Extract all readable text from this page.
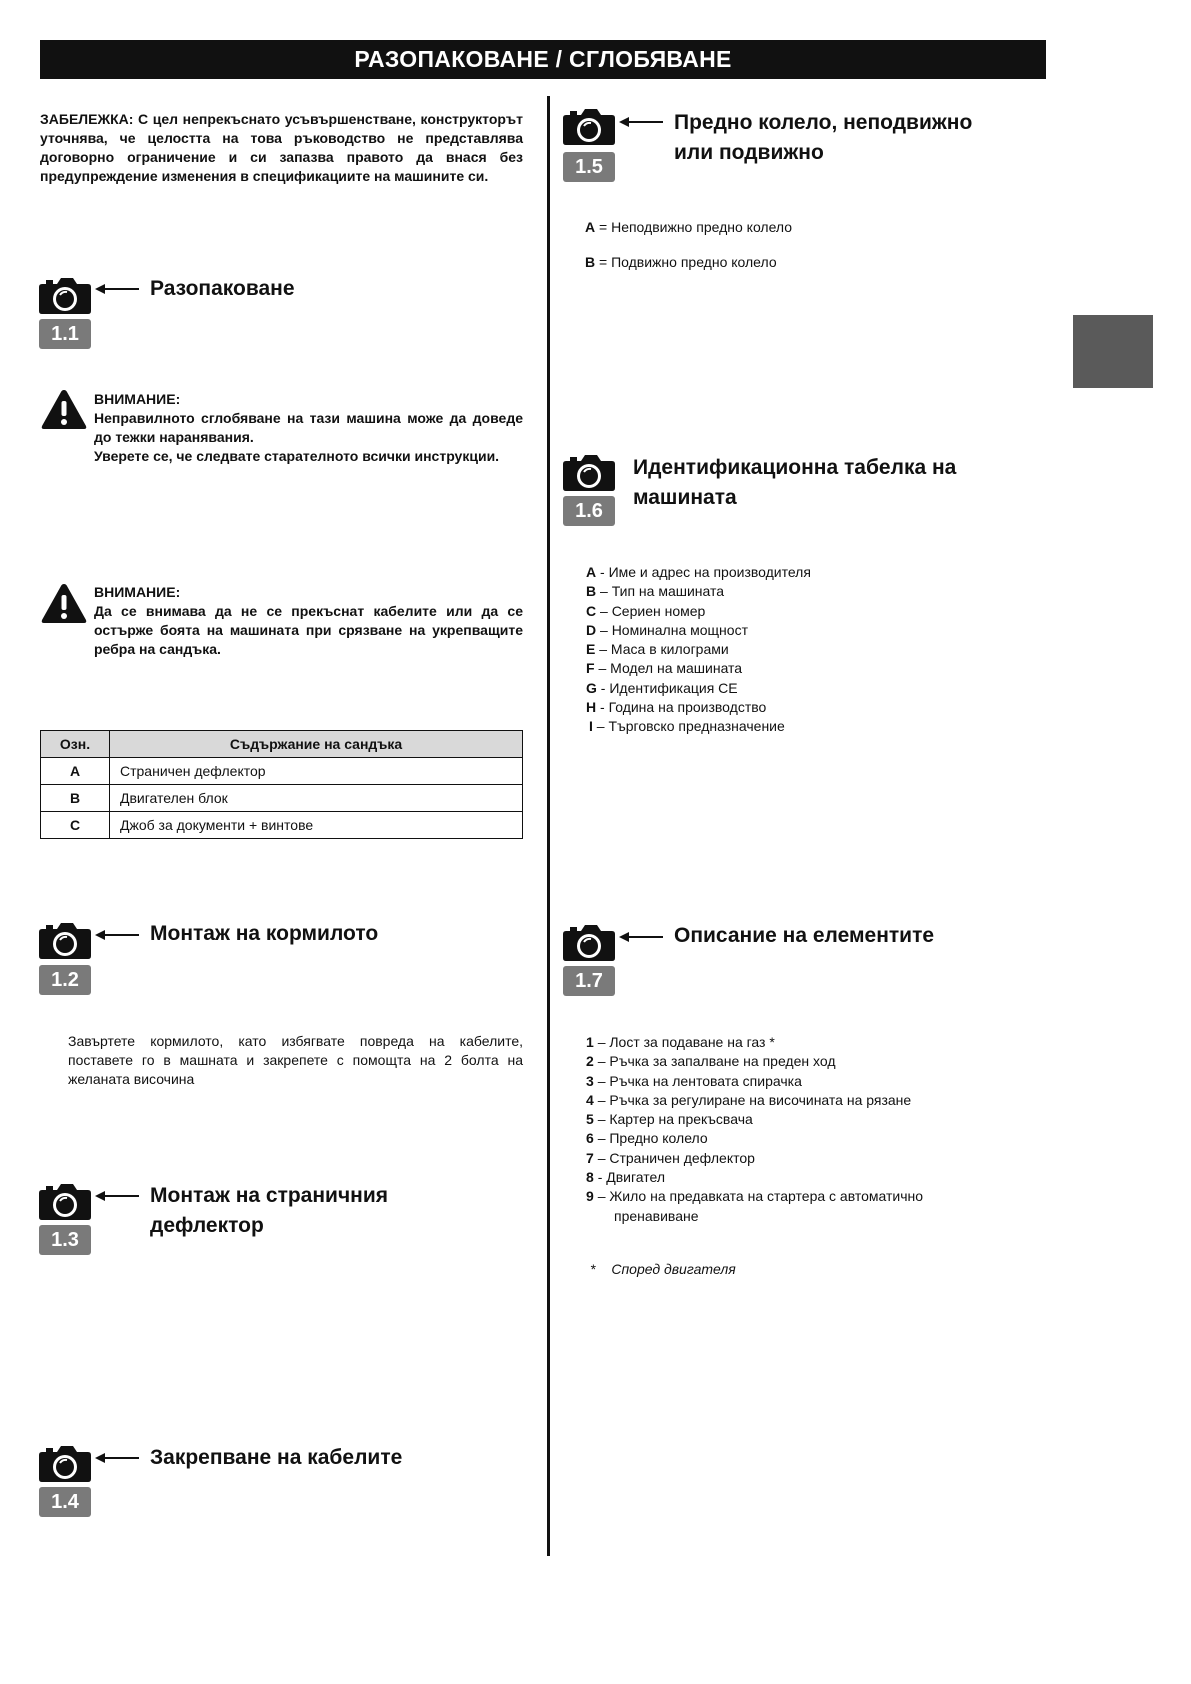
РАЗОПАКОВАНЕ / СГЛОБЯВАНЕ
ЗАБЕЛЕЖКА: С цел непрекъснато усъвършенстване, конструкторът уточнява, че целостта на това ръководство не представлява договорно ограничение и си запазва правото да внася без предупреждение изменения в спецификациите на машините си.
Разопаковане
1.1
ВНИМАНИЕ:
Неправилното сглобяване на тази машина може да доведе до тежки наранявания.
Уверете се, че следвате старателното всички инструкции.
ВНИМАНИЕ:
Да се внимава да не се прекъснат кабелите или да се остърже боята на машината при срязване на укрепващите ребра на сандъка.
Озн.	Съдържание на сандъка
A	Страничен дефлектор
B	Двигателен блок
C	Джоб за документи + винтове
Монтаж на кормилото
1.2
Завъртете кормилото, като избягвате повреда на кабелите, поставете го в машната и закрепете с помощта на 2 болта на желаната височина
Монтаж на страничния
дефлектор
1.3
Закрепване на кабелите
1.4
Предно колело, неподвижно
или подвижно
1.5
A = Неподвижно предно колело
B = Подвижно предно колело
Идентификационна табелка на
машината
1.6
A - Име и адрес на производителя
B – Тип на машината
C – Сериен номер
D – Номинална мощност
E – Маса в килограми
F – Модел на машината
G - Идентификация CE
H - Година на производство
I – Търговско предназначение
Описание на елементите
1.7
1 – Лост за подаване на газ *
2 – Ръчка за запалване на преден ход
3 – Ръчка на лентовата спирачка
4 – Ръчка за регулиране на височината на рязане
5 – Картер на прекъсвача
6 – Предно колело
7 – Страничен дефлектор
8 - Двигател
9 – Жило на предавката на стартера с автоматично пренавиване
* Според двигателя
